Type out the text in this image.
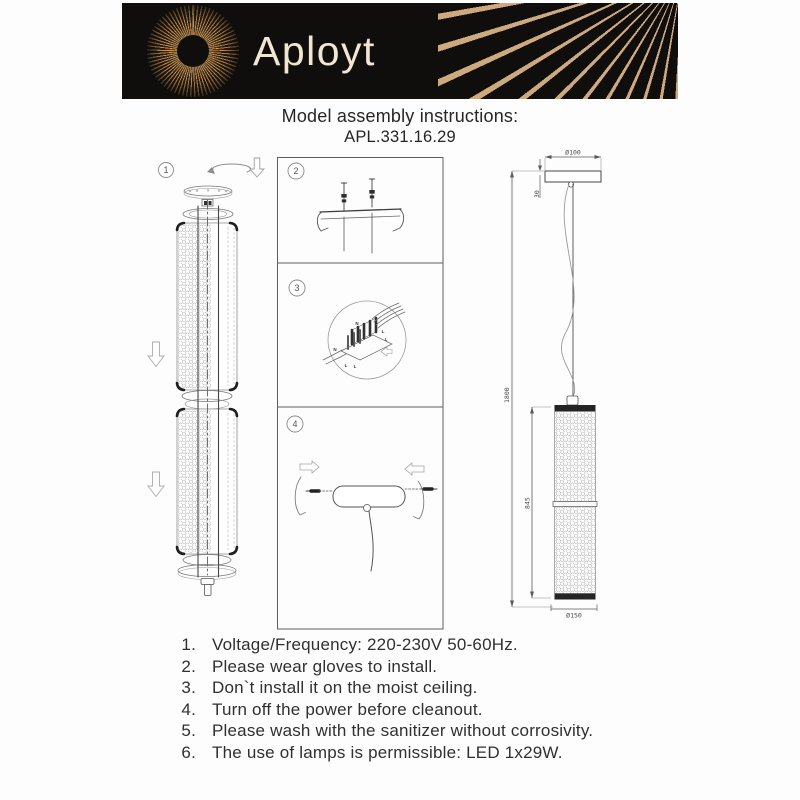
Aployt
Model assembly instructions:
APL.331.16.29
1	2
3
N
L
L
N
L L
4
1800
Ø100
30
845
Ø150
1. Voltage/Frequency: 220-230V 50-60Hz.
2. Please wear gloves to install.
3. Don`t install it on the moist ceiling.
4. Turn off the power before cleanout.
5. Please wash with the sanitizer without corrosivity.
6. The use of lamps is permissible: LED 1x29W.
